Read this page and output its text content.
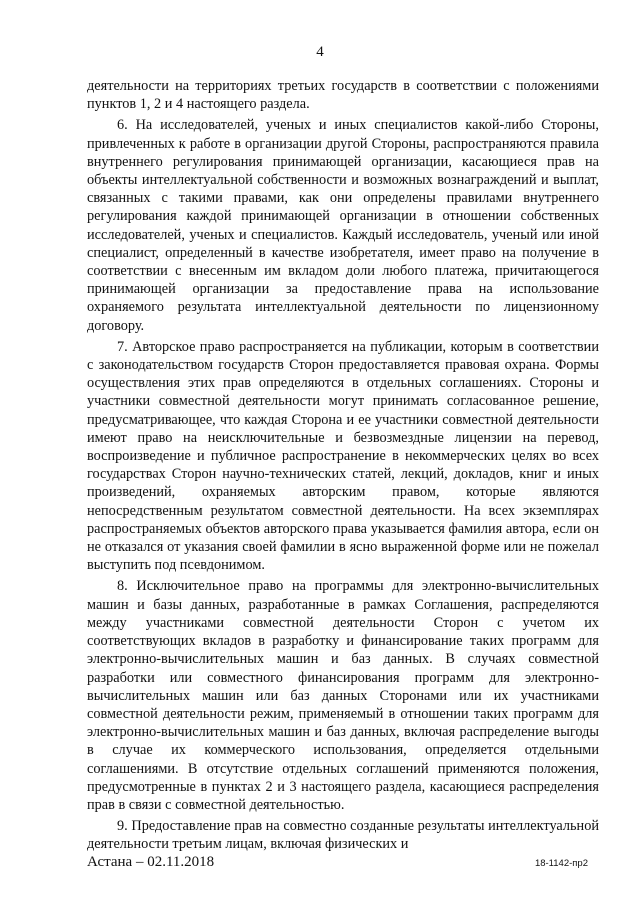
4

деятельности на территориях третьих государств в соответствии с положениями пунктов 1, 2 и 4 настоящего раздела.

6. На исследователей, ученых и иных специалистов какой-либо Стороны, привлеченных к работе в организации другой Стороны, распространяются правила внутреннего регулирования принимающей организации, касающиеся прав на объекты интеллектуальной собственности и возможных вознаграждений и выплат, связанных с такими правами, как они определены правилами внутреннего регулирования каждой принимающей организации в отношении собственных исследователей, ученых и специалистов. Каждый исследователь, ученый или иной специалист, определенный в качестве изобретателя, имеет право на получение в соответствии с внесенным им вкладом доли любого платежа, причитающегося принимающей организации за предоставление права на использование охраняемого результата интеллектуальной деятельности по лицензионному договору.

7. Авторское право распространяется на публикации, которым в соответствии с законодательством государств Сторон предоставляется правовая охрана. Формы осуществления этих прав определяются в отдельных соглашениях. Стороны и участники совместной деятельности могут принимать согласованное решение, предусматривающее, что каждая Сторона и ее участники совместной деятельности имеют право на неисключительные и безвозмездные лицензии на перевод, воспроизведение и публичное распространение в некоммерческих целях во всех государствах Сторон научно-технических статей, лекций, докладов, книг и иных произведений, охраняемых авторским правом, которые являются непосредственным результатом совместной деятельности. На всех экземплярах распространяемых объектов авторского права указывается фамилия автора, если он не отказался от указания своей фамилии в ясно выраженной форме или не пожелал выступить под псевдонимом.

8. Исключительное право на программы для электронно-вычислительных машин и базы данных, разработанные в рамках Соглашения, распределяются между участниками совместной деятельности Сторон с учетом их соответствующих вкладов в разработку и финансирование таких программ для электронно-вычислительных машин и баз данных. В случаях совместной разработки или совместного финансирования программ для электронно-вычислительных машин или баз данных Сторонами или их участниками совместной деятельности режим, применяемый в отношении таких программ для электронно-вычислительных машин и баз данных, включая распределение выгоды в случае их коммерческого использования, определяется отдельными соглашениями. В отсутствие отдельных соглашений применяются положения, предусмотренные в пунктах 2 и 3 настоящего раздела, касающиеся распределения прав в связи с совместной деятельностью.

9. Предоставление прав на совместно созданные результаты интеллектуальной деятельности третьим лицам, включая физических и

Астана – 02.11.2018	18-1142-пр2
